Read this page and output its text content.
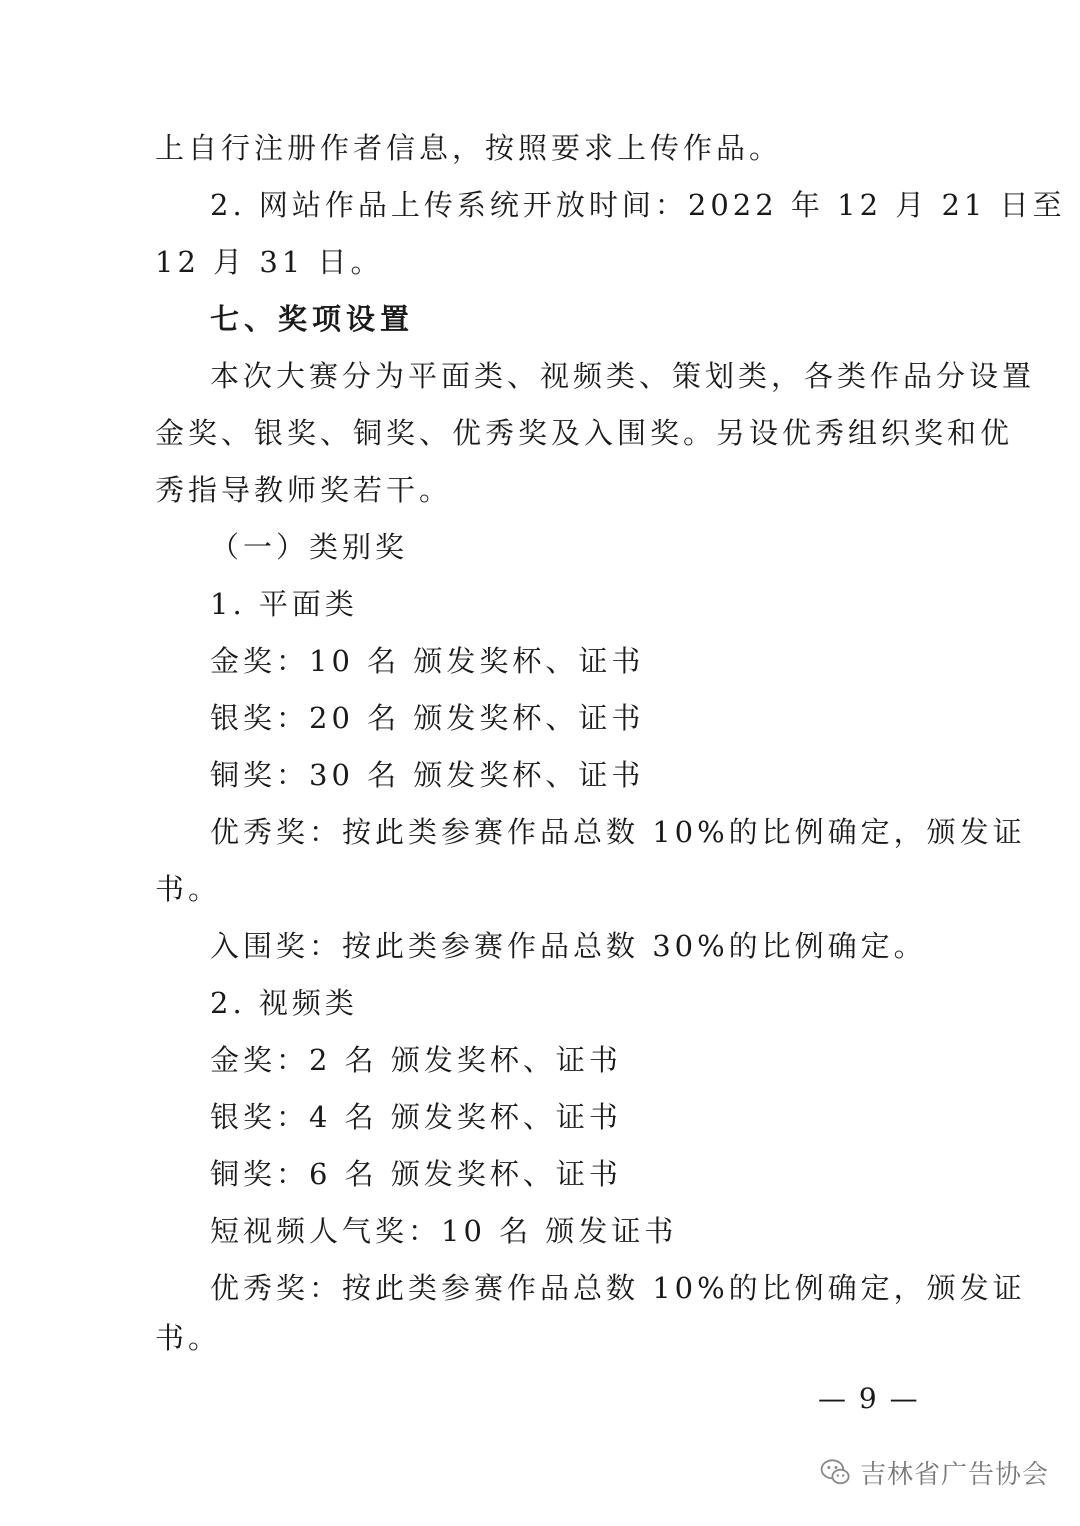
上自行注册作者信息，按照要求上传作品。
2. 网站作品上传系统开放时间：2022 年 12 月 21 日至
12 月 31 日。
七、奖项设置
本次大赛分为平面类、视频类、策划类，各类作品分设置
金奖、银奖、铜奖、优秀奖及入围奖。另设优秀组织奖和优
秀指导教师奖若干。
（一）类别奖
1. 平面类
金奖：10 名 颁发奖杯、证书
银奖：20 名 颁发奖杯、证书
铜奖：30 名 颁发奖杯、证书
优秀奖：按此类参赛作品总数 10%的比例确定，颁发证
书。
入围奖：按此类参赛作品总数 30%的比例确定。
2. 视频类
金奖：2 名 颁发奖杯、证书
银奖：4 名 颁发奖杯、证书
铜奖：6 名 颁发奖杯、证书
短视频人气奖：10 名 颁发证书
优秀奖：按此类参赛作品总数 10%的比例确定，颁发证
书。
— 9 —
吉林省广告协会
